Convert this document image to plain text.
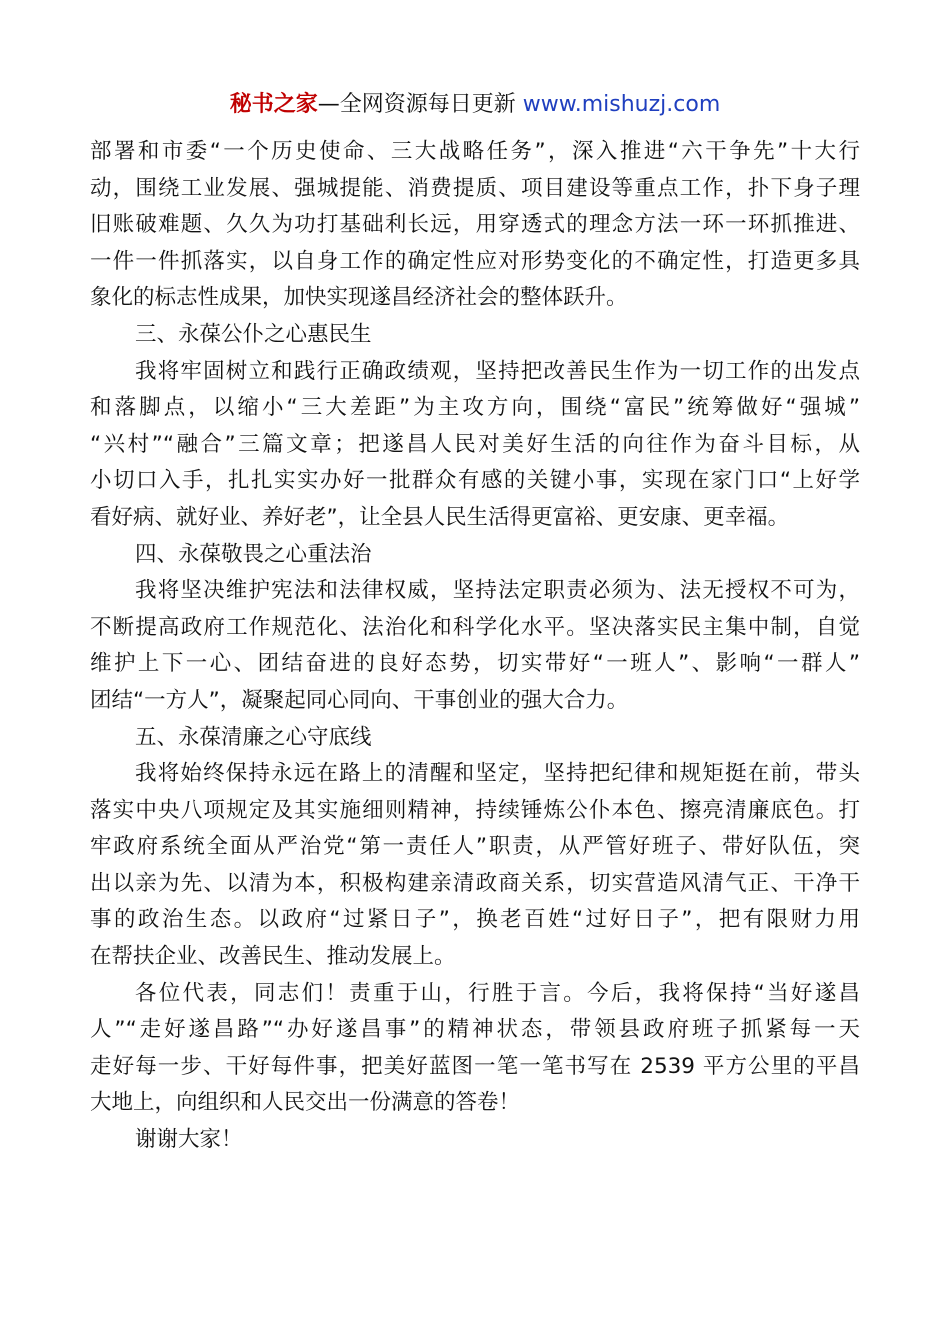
秘书之家—全网资源每日更新 www.mishuzj.com
部署和市委“一个历史使命、三大战略任务”，深入推进“六干争先”十大行
动，围绕工业发展、强城提能、消费提质、项目建设等重点工作，扑下身子理
旧账破难题、久久为功打基础利长远，用穿透式的理念方法一环一环抓推进、
一件一件抓落实，以自身工作的确定性应对形势变化的不确定性，打造更多具
象化的标志性成果，加快实现遂昌经济社会的整体跃升。
三、永葆公仆之心惠民生
我将牢固树立和践行正确政绩观，坚持把改善民生作为一切工作的出发点
和落脚点，以缩小“三大差距”为主攻方向，围绕“富民”统筹做好“强城”
“兴村”“融合”三篇文章；把遂昌人民对美好生活的向往作为奋斗目标，从
小切口入手，扎扎实实办好一批群众有感的关键小事，实现在家门口“上好学
看好病、就好业、养好老”，让全县人民生活得更富裕、更安康、更幸福。
四、永葆敬畏之心重法治
我将坚决维护宪法和法律权威，坚持法定职责必须为、法无授权不可为，
不断提高政府工作规范化、法治化和科学化水平。坚决落实民主集中制，自觉
维护上下一心、团结奋进的良好态势，切实带好“一班人”、影响“一群人”
团结“一方人”，凝聚起同心同向、干事创业的强大合力。
五、永葆清廉之心守底线
我将始终保持永远在路上的清醒和坚定，坚持把纪律和规矩挺在前，带头
落实中央八项规定及其实施细则精神，持续锤炼公仆本色、擦亮清廉底色。打
牢政府系统全面从严治党“第一责任人”职责，从严管好班子、带好队伍，突
出以亲为先、以清为本，积极构建亲清政商关系，切实营造风清气正、干净干
事的政治生态。以政府“过紧日子”，换老百姓“过好日子”，把有限财力用
在帮扶企业、改善民生、推动发展上。
各位代表，同志们！责重于山，行胜于言。今后，我将保持“当好遂昌
人”“走好遂昌路”“办好遂昌事”的精神状态，带领县政府班子抓紧每一天
走好每一步、干好每件事，把美好蓝图一笔一笔书写在 2539 平方公里的平昌
大地上，向组织和人民交出一份满意的答卷！
谢谢大家！
